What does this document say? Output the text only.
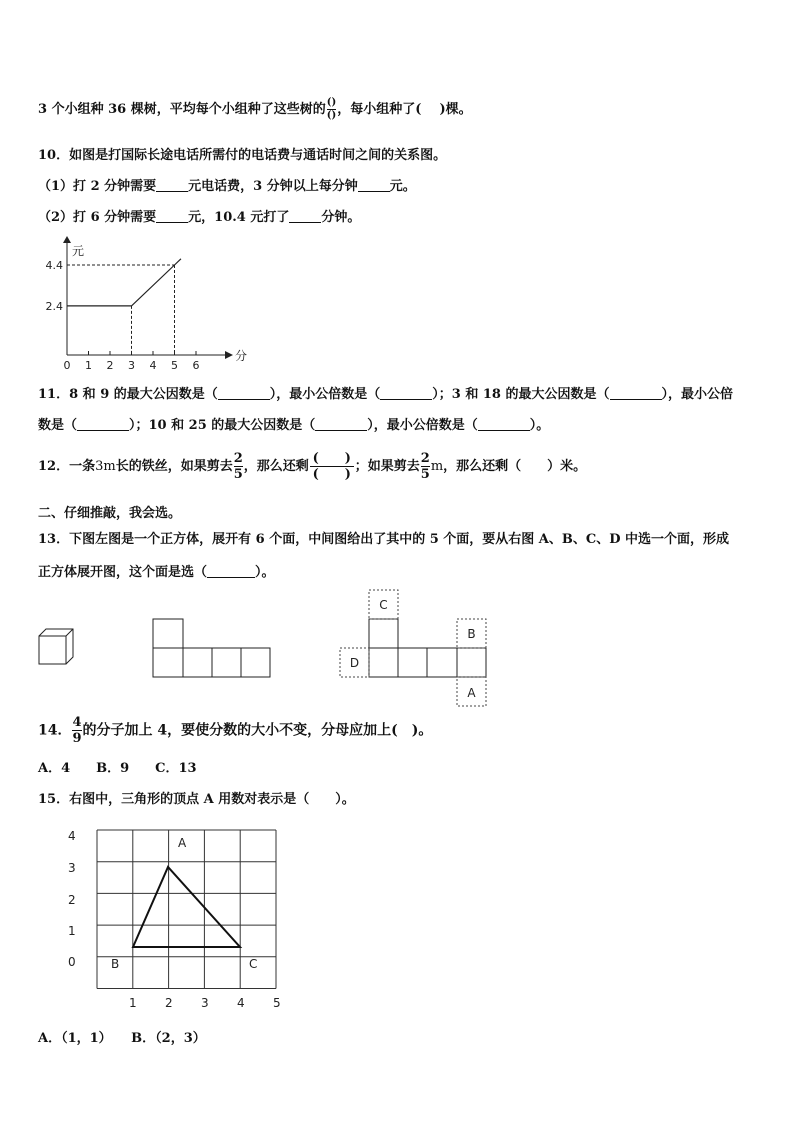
3 个小组种 36 棵树，平均每个小组种了这些树的 $\frac{()}{()}$ ，每小组种了( )棵。
10．如图是打国际长途电话所需付的电话费与通话时间之间的关系图。
（1）打 2 分钟需要 元电话费，3 分钟以上每分钟 元。
（2）打 6 分钟需要 元，10.4 元打了 分钟。
0 1 2 3 4 5 6
分
元
2.4
4.4
11．8 和 9 的最大公因数是（	），最小公倍数是（	）；3 和 18 的最大公因数是（	），最小公倍
数是（	）；10 和 25 的最大公因数是（	），最小公倍数是（	）。
12．一条3m长的铁丝，如果剪去 $\frac{2}{5}$ ，那么还剩 $\frac{( )}{( )}$ ；如果剪去 $\frac{2}{5}$ m，那么还剩（　　）米。
二、仔细推敲，我会选。
13．下图左图是一个正方体，展开有 6 个面，中间图给出了其中的 5 个面，要从右图 A、B、C、D 中选一个面，形成
正方体展开图，这个面是选（	）。
C
B
D
A
14． $\frac{4}{9}$ 的分子加上 4，要使分数的大小不变，分母应加上(　)。
A．4　　B．9　　C．13
15．右图中，三角形的顶点 A 用数对表示是（　　）。
4
3
2
1
0
1 2 3 4 5
A
B	C
A．（1，1）　　B．（2，3）
